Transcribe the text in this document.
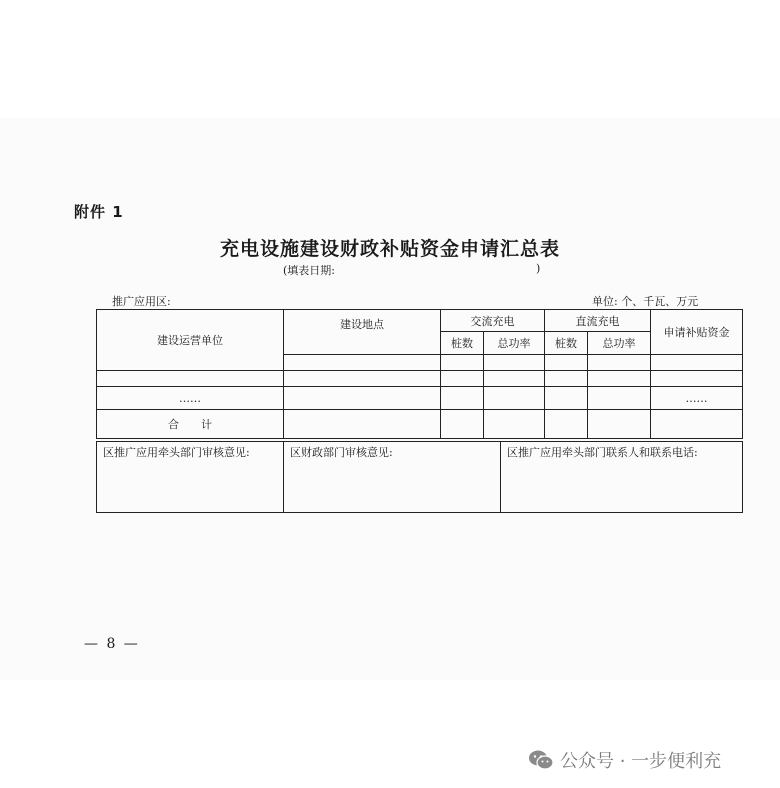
附件 1
充电设施建设财政补贴资金申请汇总表
(填表日期:	)
推广应用区:	单位: 个、千瓦、万元
建设运营单位	建设地点	交流充电		直流充电		申请补贴资金
		桩数	总功率	桩数	总功率	

……						……
合　　计						
区推广应用牵头部门审核意见:	区财政部门审核意见:	区推广应用牵头部门联系人和联系电话:
— 8 —
公众号 · 一步便利充
